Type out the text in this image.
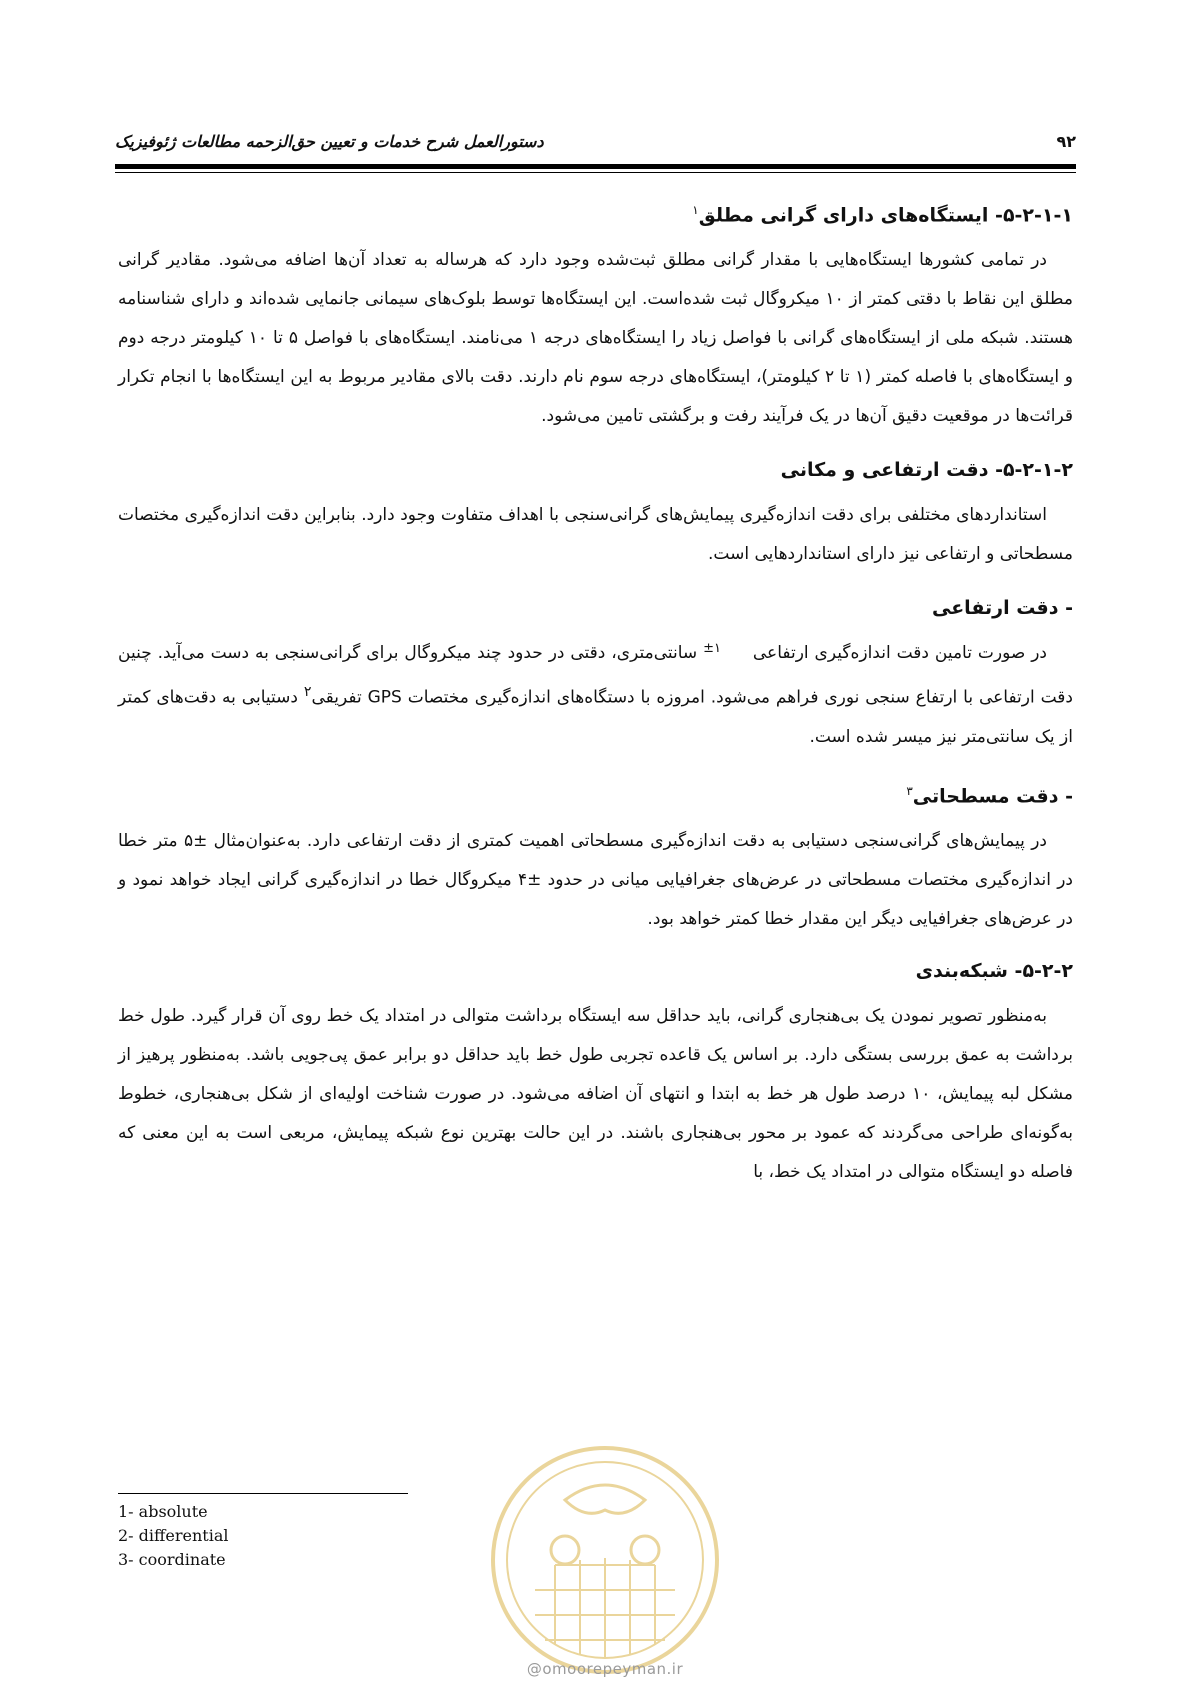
۹۲
دستورالعمل شرح خدمات و تعیین حق‌الزحمه مطالعات ژئوفیزیک
۵-۲-۱-۱- ایستگاه‌های دارای گرانی مطلق$^۱$

در تمامی کشورها ایستگاه‌هایی با مقدار گرانی مطلق ثبت‌شده وجود دارد که هرساله به تعداد آن‌ها اضافه می‌شود. مقادیر گرانی مطلق این نقاط با دقتی کمتر از ۱۰ میکروگال ثبت شده‌است. این ایستگاه‌ها توسط بلوک‌های سیمانی جانمایی شده‌اند و دارای شناسنامه هستند. شبکه ملی از ایستگاه‌های گرانی با فواصل زیاد را ایستگاه‌های درجه ۱ می‌نامند. ایستگاه‌های با فواصل ۵ تا ۱۰ کیلومتر درجه دوم و ایستگاه‌های با فاصله کمتر (۱ تا ۲ کیلومتر)، ایستگاه‌های درجه سوم نام دارند. دقت بالای مقادیر مربوط به این ایستگاه‌ها با انجام تکرار قرائت‌ها در موقعیت دقیق آن‌ها در یک فرآیند رفت و برگشتی تامین می‌شود.

۵-۲-۱-۲- دقت ارتفاعی و مکانی

استانداردهای مختلفی برای دقت اندازه‌گیری پیمایش‌های گرانی‌سنجی با اهداف متفاوت وجود دارد. بنابراین دقت اندازه‌گیری مختصات مسطحاتی و ارتفاعی نیز دارای استانداردهایی است.

- دقت ارتفاعی

در صورت تامین دقت اندازه‌گیری ارتفاعی ±۱ سانتی‌متری، دقتی در حدود چند میکروگال برای گرانی‌سنجی به دست می‌آید. چنین دقت ارتفاعی با ارتفاع سنجی نوری فراهم می‌شود. امروزه با دستگاه‌های اندازه‌گیری مختصات GPS تفریقی$^۲$ دستیابی به دقت‌های کمتر از یک سانتی‌متر نیز میسر شده است.

- دقت مسطحاتی$^۳$

در پیمایش‌های گرانی‌سنجی دستیابی به دقت اندازه‌گیری مسطحاتی اهمیت کمتری از دقت ارتفاعی دارد. به‌عنوان‌مثال ±۵ متر خطا در اندازه‌گیری مختصات مسطحاتی در عرض‌های جغرافیایی میانی در حدود ±۴ میکروگال خطا در اندازه‌گیری گرانی ایجاد خواهد نمود و در عرض‌های جغرافیایی دیگر این مقدار خطا کمتر خواهد بود.

۵-۲-۲- شبکه‌بندی

به‌منظور تصویر نمودن یک بی‌هنجاری گرانی، باید حداقل سه ایستگاه برداشت متوالی در امتداد یک خط روی آن قرار گیرد. طول خط برداشت به عمق بررسی بستگی دارد. بر اساس یک قاعده تجربی طول خط باید حداقل دو برابر عمق پی‌جویی باشد. به‌منظور پرهیز از مشکل لبه پیمایش، ۱۰ درصد طول هر خط به ابتدا و انتهای آن اضافه می‌شود. در صورت شناخت اولیه‌ای از شکل بی‌هنجاری، خطوط به‌گونه‌ای طراحی می‌گردند که عمود بر محور بی‌هنجاری باشند. در این حالت بهترین نوع شبکه پیمایش، مربعی است به این معنی که فاصله دو ایستگاه متوالی در امتداد یک خط، با

1- absolute
2- differential
3- coordinate
@omoorepeyman.ir
